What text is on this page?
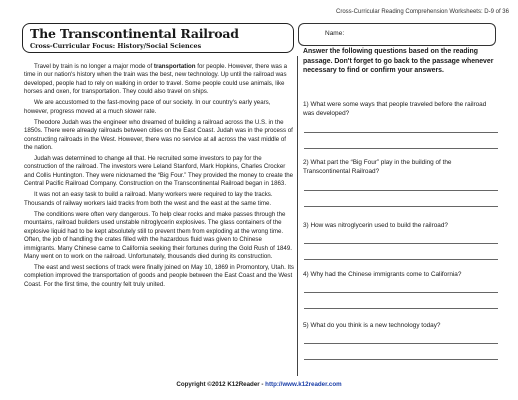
Cross-Curricular Reading Comprehension Worksheets: D-9 of 36
The Transcontinental Railroad
Cross-Curricular Focus: History/Social Sciences
Name:
Answer the following questions based on the reading passage. Don't forget to go back to the passage whenever necessary to find or confirm your answers.

Travel by train is no longer a major mode of transportation for people. However, there was a time in our nation's history when the train was the best, new technology. Up until the railroad was developed, people had to rely on walking in order to travel. Some people could use animals, like horses and oxen, for transportation. They could also travel on ships.

We are accustomed to the fast-moving pace of our society. In our country's early years, however, progress moved at a much slower rate.

Theodore Judah was the engineer who dreamed of building a railroad across the U.S. in the 1850s. There were already railroads between cities on the East Coast. Judah was in the process of constructing railroads in the West. However, there was no service at all across the vast middle of the nation.

Judah was determined to change all that. He recruited some investors to pay for the construction of the railroad. The investors were Leland Stanford, Mark Hopkins, Charles Crocker and Collis Huntington. They were nicknamed the “Big Four.” They provided the money to create the Central Pacific Railroad Company. Construction on the Transcontinental Railroad began in 1863.

It was not an easy task to build a railroad. Many workers were required to lay the tracks. Thousands of railway workers laid tracks from both the west and the east at the same time.

The conditions were often very dangerous. To help clear rocks and make passes through the mountains, railroad builders used unstable nitroglycerin explosives. The glass containers of the explosive liquid had to be kept absolutely still to prevent them from exploding at the wrong time. Often, the job of handling the crates filled with the hazardous fluid was given to Chinese immigrants. Many Chinese came to California seeking their fortunes during the Gold Rush of 1849. Many went on to work on the railroad. Unfortunately, thousands died during its construction.

The east and west sections of track were finally joined on May 10, 1869 in Promontory, Utah. Its completion improved the transportation of goods and people between the East Coast and the West Coast. For the first time, the country felt truly united.

1) What were some ways that people traveled before the railroad was developed?
2) What part the “Big Four” play in the building of the Transcontinental Railroad?
3) How was nitroglycerin used to build the railroad?
4) Why had the Chinese immigrants come to California?
5) What do you think is a new technology today?
Copyright ©2012 K12Reader - http://www.k12reader.com
